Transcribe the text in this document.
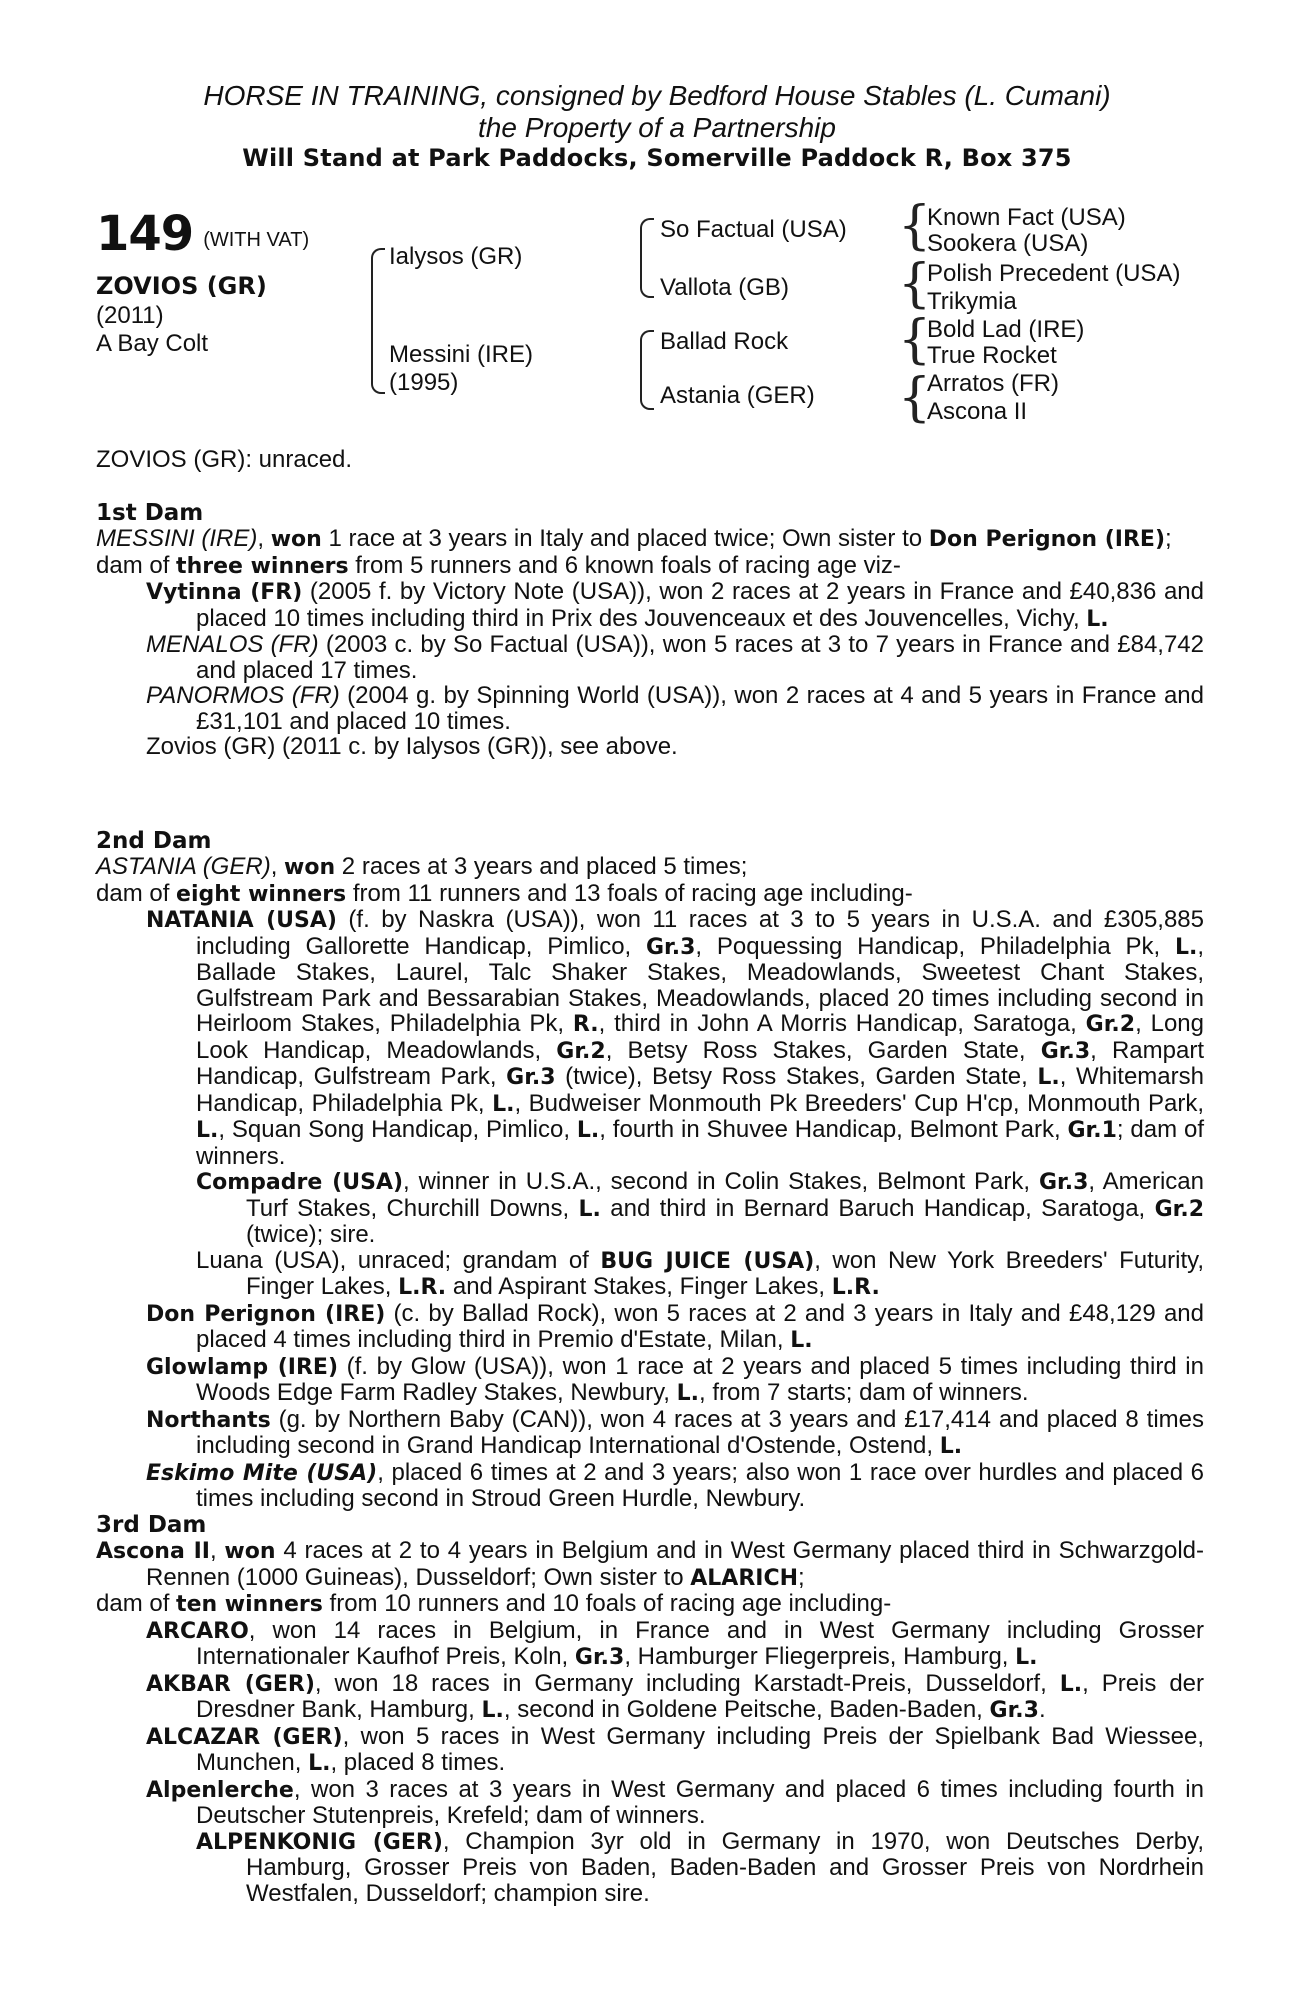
HORSE IN TRAINING, consigned by Bedford House Stables (L. Cumani)
the Property of a Partnership
Will Stand at Park Paddocks, Somerville Paddock R, Box 375
149 (WITH VAT)
ZOVIOS (GR)
(2011)
A Bay Colt
Ialysos (GR)
Messini (IRE)
(1995)
So Factual (USA)
Vallota (GB)
Ballad Rock
Astania (GER)
{
Known Fact (USA)
Sookera (USA)
{
Polish Precedent (USA)
Trikymia
{
Bold Lad (IRE)
True Rocket
{
Arratos (FR)
Ascona II
ZOVIOS (GR): unraced.
1st Dam

MESSINI (IRE), won 1 race at 3 years in Italy and placed twice; Own sister to Don Perignon (IRE);

dam of three winners from 5 runners and 6 known foals of racing age viz-

Vytinna (FR) (2005 f. by Victory Note (USA)), won 2 races at 2 years in France and £40,836 and placed 10 times including third in Prix des Jouvenceaux et des Jouvencelles, Vichy, L.

MENALOS (FR) (2003 c. by So Factual (USA)), won 5 races at 3 to 7 years in France and £84,742 and placed 17 times.

PANORMOS (FR) (2004 g. by Spinning World (USA)), won 2 races at 4 and 5 years in France and £31,101 and placed 10 times.

Zovios (GR) (2011 c. by Ialysos (GR)), see above.

2nd Dam

ASTANIA (GER), won 2 races at 3 years and placed 5 times;

dam of eight winners from 11 runners and 13 foals of racing age including-

NATANIA (USA) (f. by Naskra (USA)), won 11 races at 3 to 5 years in U.S.A. and £305,885 including Gallorette Handicap, Pimlico, Gr.3, Poquessing Handicap, Philadelphia Pk, L., Ballade Stakes, Laurel, Talc Shaker Stakes, Meadowlands, Sweetest Chant Stakes, Gulfstream Park and Bessarabian Stakes, Meadowlands, placed 20 times including second in Heirloom Stakes, Philadelphia Pk, R., third in John A Morris Handicap, Saratoga, Gr.2, Long Look Handicap, Meadowlands, Gr.2, Betsy Ross Stakes, Garden State, Gr.3, Rampart Handicap, Gulfstream Park, Gr.3 (twice), Betsy Ross Stakes, Garden State, L., Whitemarsh Handicap, Philadelphia Pk, L., Budweiser Monmouth Pk Breeders' Cup H'cp, Monmouth Park, L., Squan Song Handicap, Pimlico, L., fourth in Shuvee Handicap, Belmont Park, Gr.1; dam of winners.

Compadre (USA), winner in U.S.A., second in Colin Stakes, Belmont Park, Gr.3, American Turf Stakes, Churchill Downs, L. and third in Bernard Baruch Handicap, Saratoga, Gr.2 (twice); sire.

Luana (USA), unraced; grandam of BUG JUICE (USA), won New York Breeders' Futurity, Finger Lakes, L.R. and Aspirant Stakes, Finger Lakes, L.R.

Don Perignon (IRE) (c. by Ballad Rock), won 5 races at 2 and 3 years in Italy and £48,129 and placed 4 times including third in Premio d'Estate, Milan, L.

Glowlamp (IRE) (f. by Glow (USA)), won 1 race at 2 years and placed 5 times including third in Woods Edge Farm Radley Stakes, Newbury, L., from 7 starts; dam of winners.

Northants (g. by Northern Baby (CAN)), won 4 races at 3 years and £17,414 and placed 8 times including second in Grand Handicap International d'Ostende, Ostend, L.

Eskimo Mite (USA), placed 6 times at 2 and 3 years; also won 1 race over hurdles and placed 6 times including second in Stroud Green Hurdle, Newbury.

3rd Dam

Ascona II, won 4 races at 2 to 4 years in Belgium and in West Germany placed third in Schwarzgold-Rennen (1000 Guineas), Dusseldorf; Own sister to ALARICH;

dam of ten winners from 10 runners and 10 foals of racing age including-

ARCARO, won 14 races in Belgium, in France and in West Germany including Grosser Internationaler Kaufhof Preis, Koln, Gr.3, Hamburger Fliegerpreis, Hamburg, L.

AKBAR (GER), won 18 races in Germany including Karstadt-Preis, Dusseldorf, L., Preis der Dresdner Bank, Hamburg, L., second in Goldene Peitsche, Baden-Baden, Gr.3.

ALCAZAR (GER), won 5 races in West Germany including Preis der Spielbank Bad Wiessee, Munchen, L., placed 8 times.

Alpenlerche, won 3 races at 3 years in West Germany and placed 6 times including fourth in Deutscher Stutenpreis, Krefeld; dam of winners.

ALPENKONIG (GER), Champion 3yr old in Germany in 1970, won Deutsches Derby, Hamburg, Grosser Preis von Baden, Baden-Baden and Grosser Preis von Nordrhein Westfalen, Dusseldorf; champion sire.
